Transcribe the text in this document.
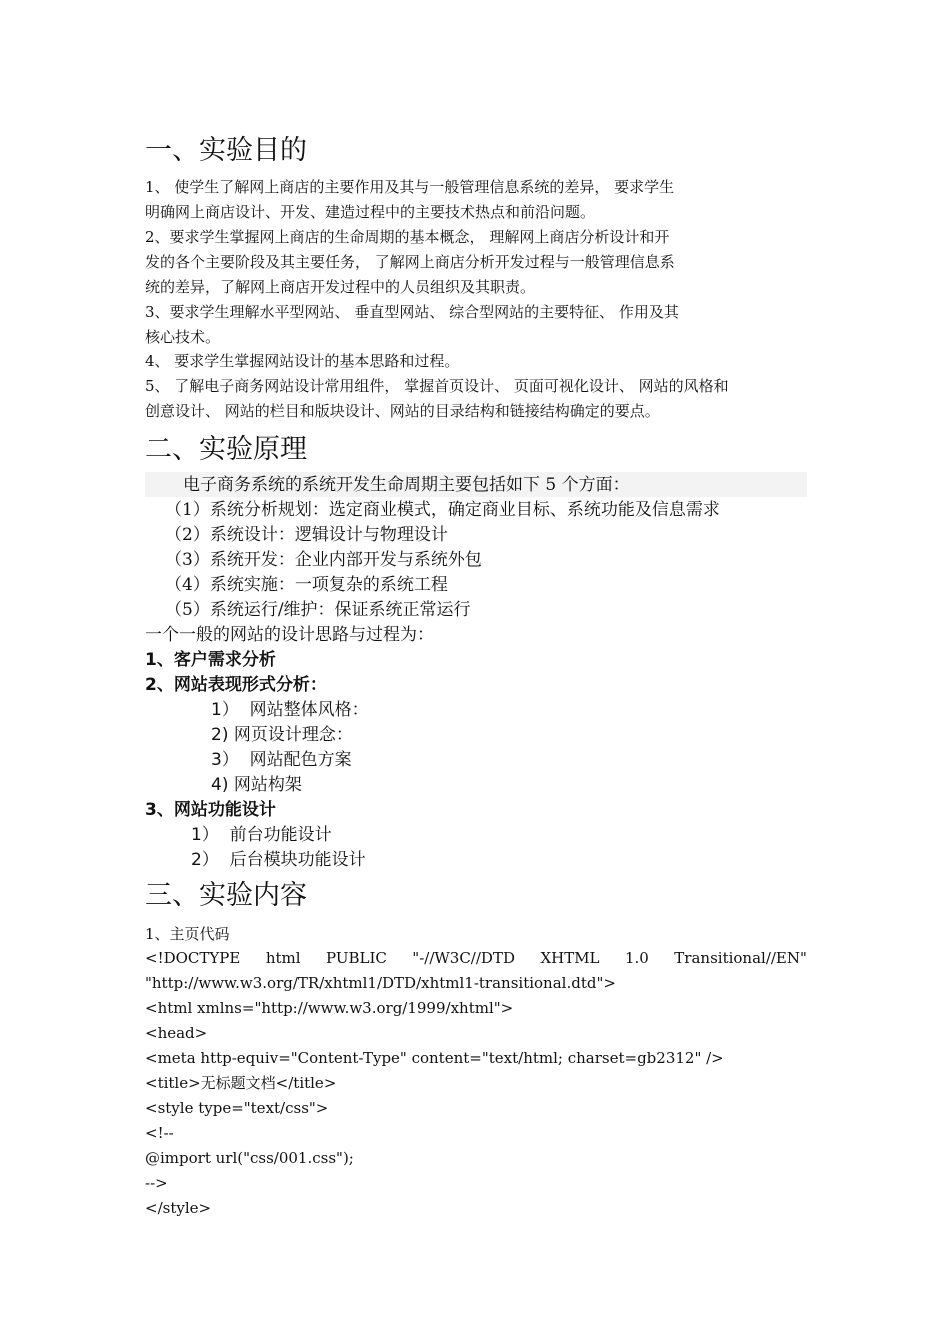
一、实验目的
1、 使学生了解网上商店的主要作用及其与一般管理信息系统的差异， 要求学生
明确网上商店设计、开发、建造过程中的主要技术热点和前沿问题。
2、要求学生掌握网上商店的生命周期的基本概念， 理解网上商店分析设计和开
发的各个主要阶段及其主要任务， 了解网上商店分析开发过程与一般管理信息系
统的差异，了解网上商店开发过程中的人员组织及其职责。
3、要求学生理解水平型网站、 垂直型网站、 综合型网站的主要特征、 作用及其
核心技术。
4、 要求学生掌握网站设计的基本思路和过程。
5、 了解电子商务网站设计常用组件， 掌握首页设计、 页面可视化设计、 网站的风格和
创意设计、 网站的栏目和版块设计、网站的目录结构和链接结构确定的要点。
二、实验原理
电子商务系统的系统开发生命周期主要包括如下 5 个方面：
（1）系统分析规划：选定商业模式，确定商业目标、系统功能及信息需求
（2）系统设计：逻辑设计与物理设计
（3）系统开发：企业内部开发与系统外包
（4）系统实施：一项复杂的系统工程
（5）系统运行/维护：保证系统正常运行
一个一般的网站的设计思路与过程为：
1、客户需求分析
2、网站表现形式分析：
1） 网站整体风格：
2) 网页设计理念：
3） 网站配色方案
4) 网站构架
3、网站功能设计
1） 前台功能设计
2） 后台模块功能设计
三、实验内容
1、主页代码
<!DOCTYPE html PUBLIC "-//W3C//DTD XHTML 1.0 Transitional//EN"
"http://www.w3.org/TR/xhtml1/DTD/xhtml1-transitional.dtd">
<html xmlns="http://www.w3.org/1999/xhtml">
<head>
<meta http-equiv="Content-Type" content="text/html; charset=gb2312" />
<title>无标题文档</title>
<style type="text/css">
<!--
@import url("css/001.css");
-->
</style>
